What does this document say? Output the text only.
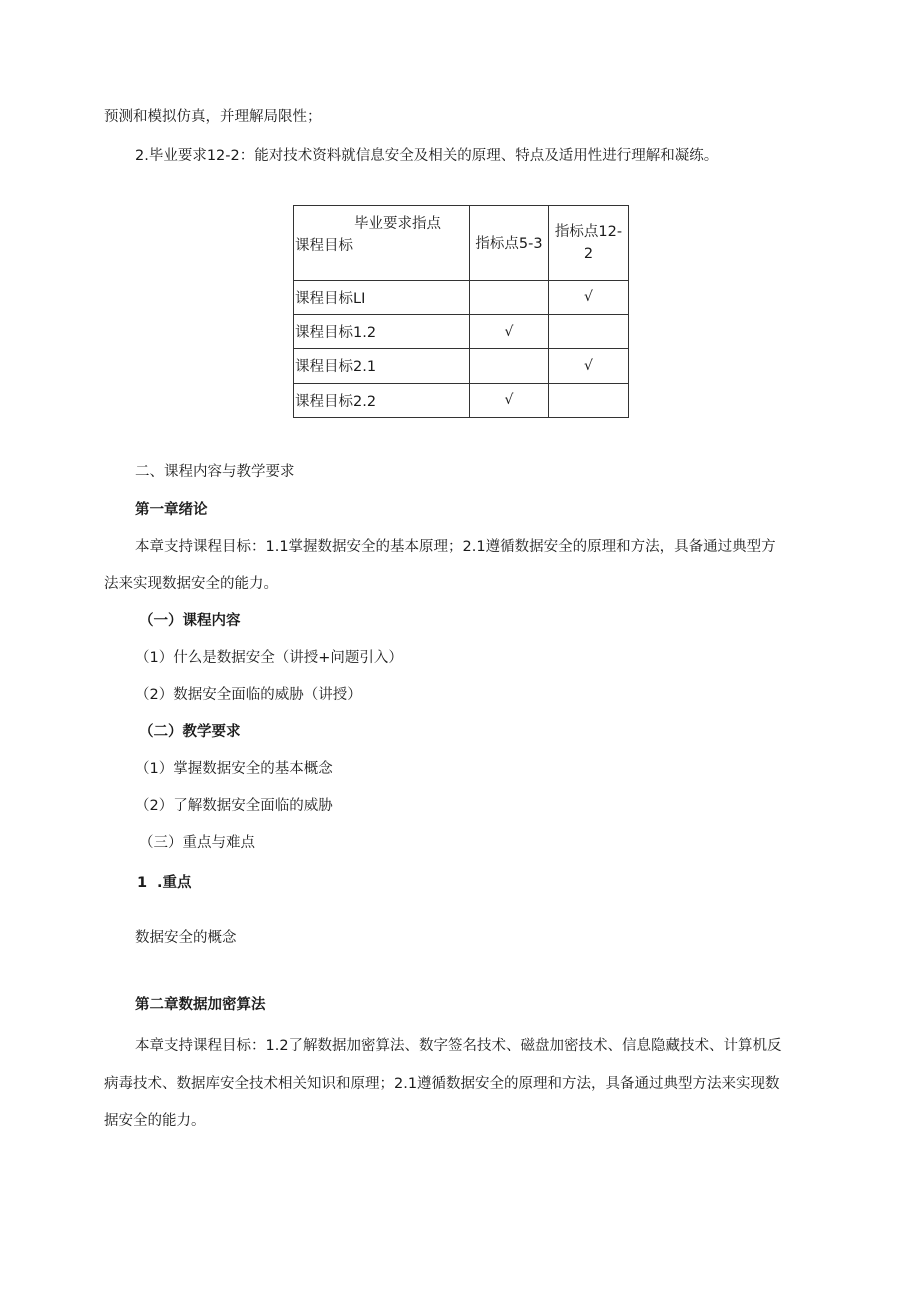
预测和模拟仿真，并理解局限性；
2.毕业要求12-2：能对技术资料就信息安全及相关的原理、特点及适用性进行理解和凝练。
毕业要求指点
课程目标	指标点5-3	指标点12-
2
课程目标LI		√
课程目标1.2	√	
课程目标2.1		√
课程目标2.2	√	
二、课程内容与教学要求
第一章绪论
本章支持课程目标：1.1掌握数据安全的基本原理；2.1遵循数据安全的原理和方法，具备通过典型方
法来实现数据安全的能力。
（一）课程内容
（1）什么是数据安全（讲授+问题引入）
（2）数据安全面临的威胁（讲授）
（二）教学要求
（1）掌握数据安全的基本概念
（2）了解数据安全面临的威胁
（三）重点与难点
1 .重点
数据安全的概念
第二章数据加密算法
本章支持课程目标：1.2了解数据加密算法、数字签名技术、磁盘加密技术、信息隐藏技术、计算机反
病毒技术、数据库安全技术相关知识和原理；2.1遵循数据安全的原理和方法，具备通过典型方法来实现数
据安全的能力。
